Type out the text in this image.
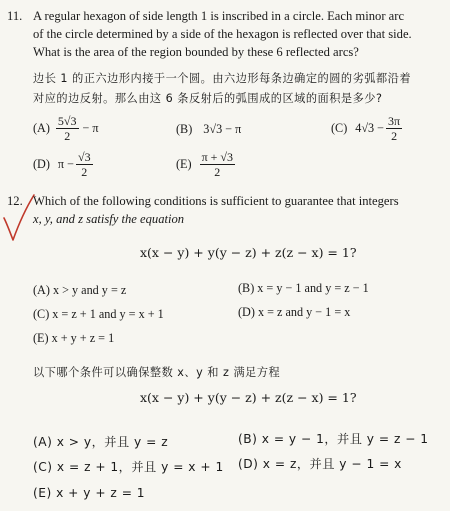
11. A regular hexagon of side length 1 is inscribed in a circle. Each minor arc
of the circle determined by a side of the hexagon is reflected over that side.
What is the area of the region bounded by these 6 reflected arcs?
边长 1 的正六边形内接于一个圆。由六边形每条边确定的圆的劣弧都沿着
对应的边反射。那么由这 6 条反射后的弧围成的区域的面积是多少?
$(A) \frac{5√3}{2} - \pi$	(B) 3√3 − π	(C) $4√3 - \frac{3\pi}{2}$
(D) $\pi - \frac{√3}{2}$	$(E) \frac{\pi + √3}{2}$
12. Which of the following conditions is sufficient to guarantee that integers
x, y, and z satisfy the equation
x(x − y) + y(y − z) + z(z − x) = 1?
(A) x > y and y = z	(B) x = y − 1 and y = z − 1
(C) x = z + 1 and y = x + 1	(D) x = z and y − 1 = x
(E) x + y + z = 1
以下哪个条件可以确保整数 x、y 和 z 满足方程
x(x − y) + y(y − z) + z(z − x) = 1?
(A) x > y，并且 y = z	(B) x = y − 1，并且 y = z − 1
(C) x = z + 1，并且 y = x + 1 (D) x = z，并且 y − 1 = x
(E) x + y + z = 1
